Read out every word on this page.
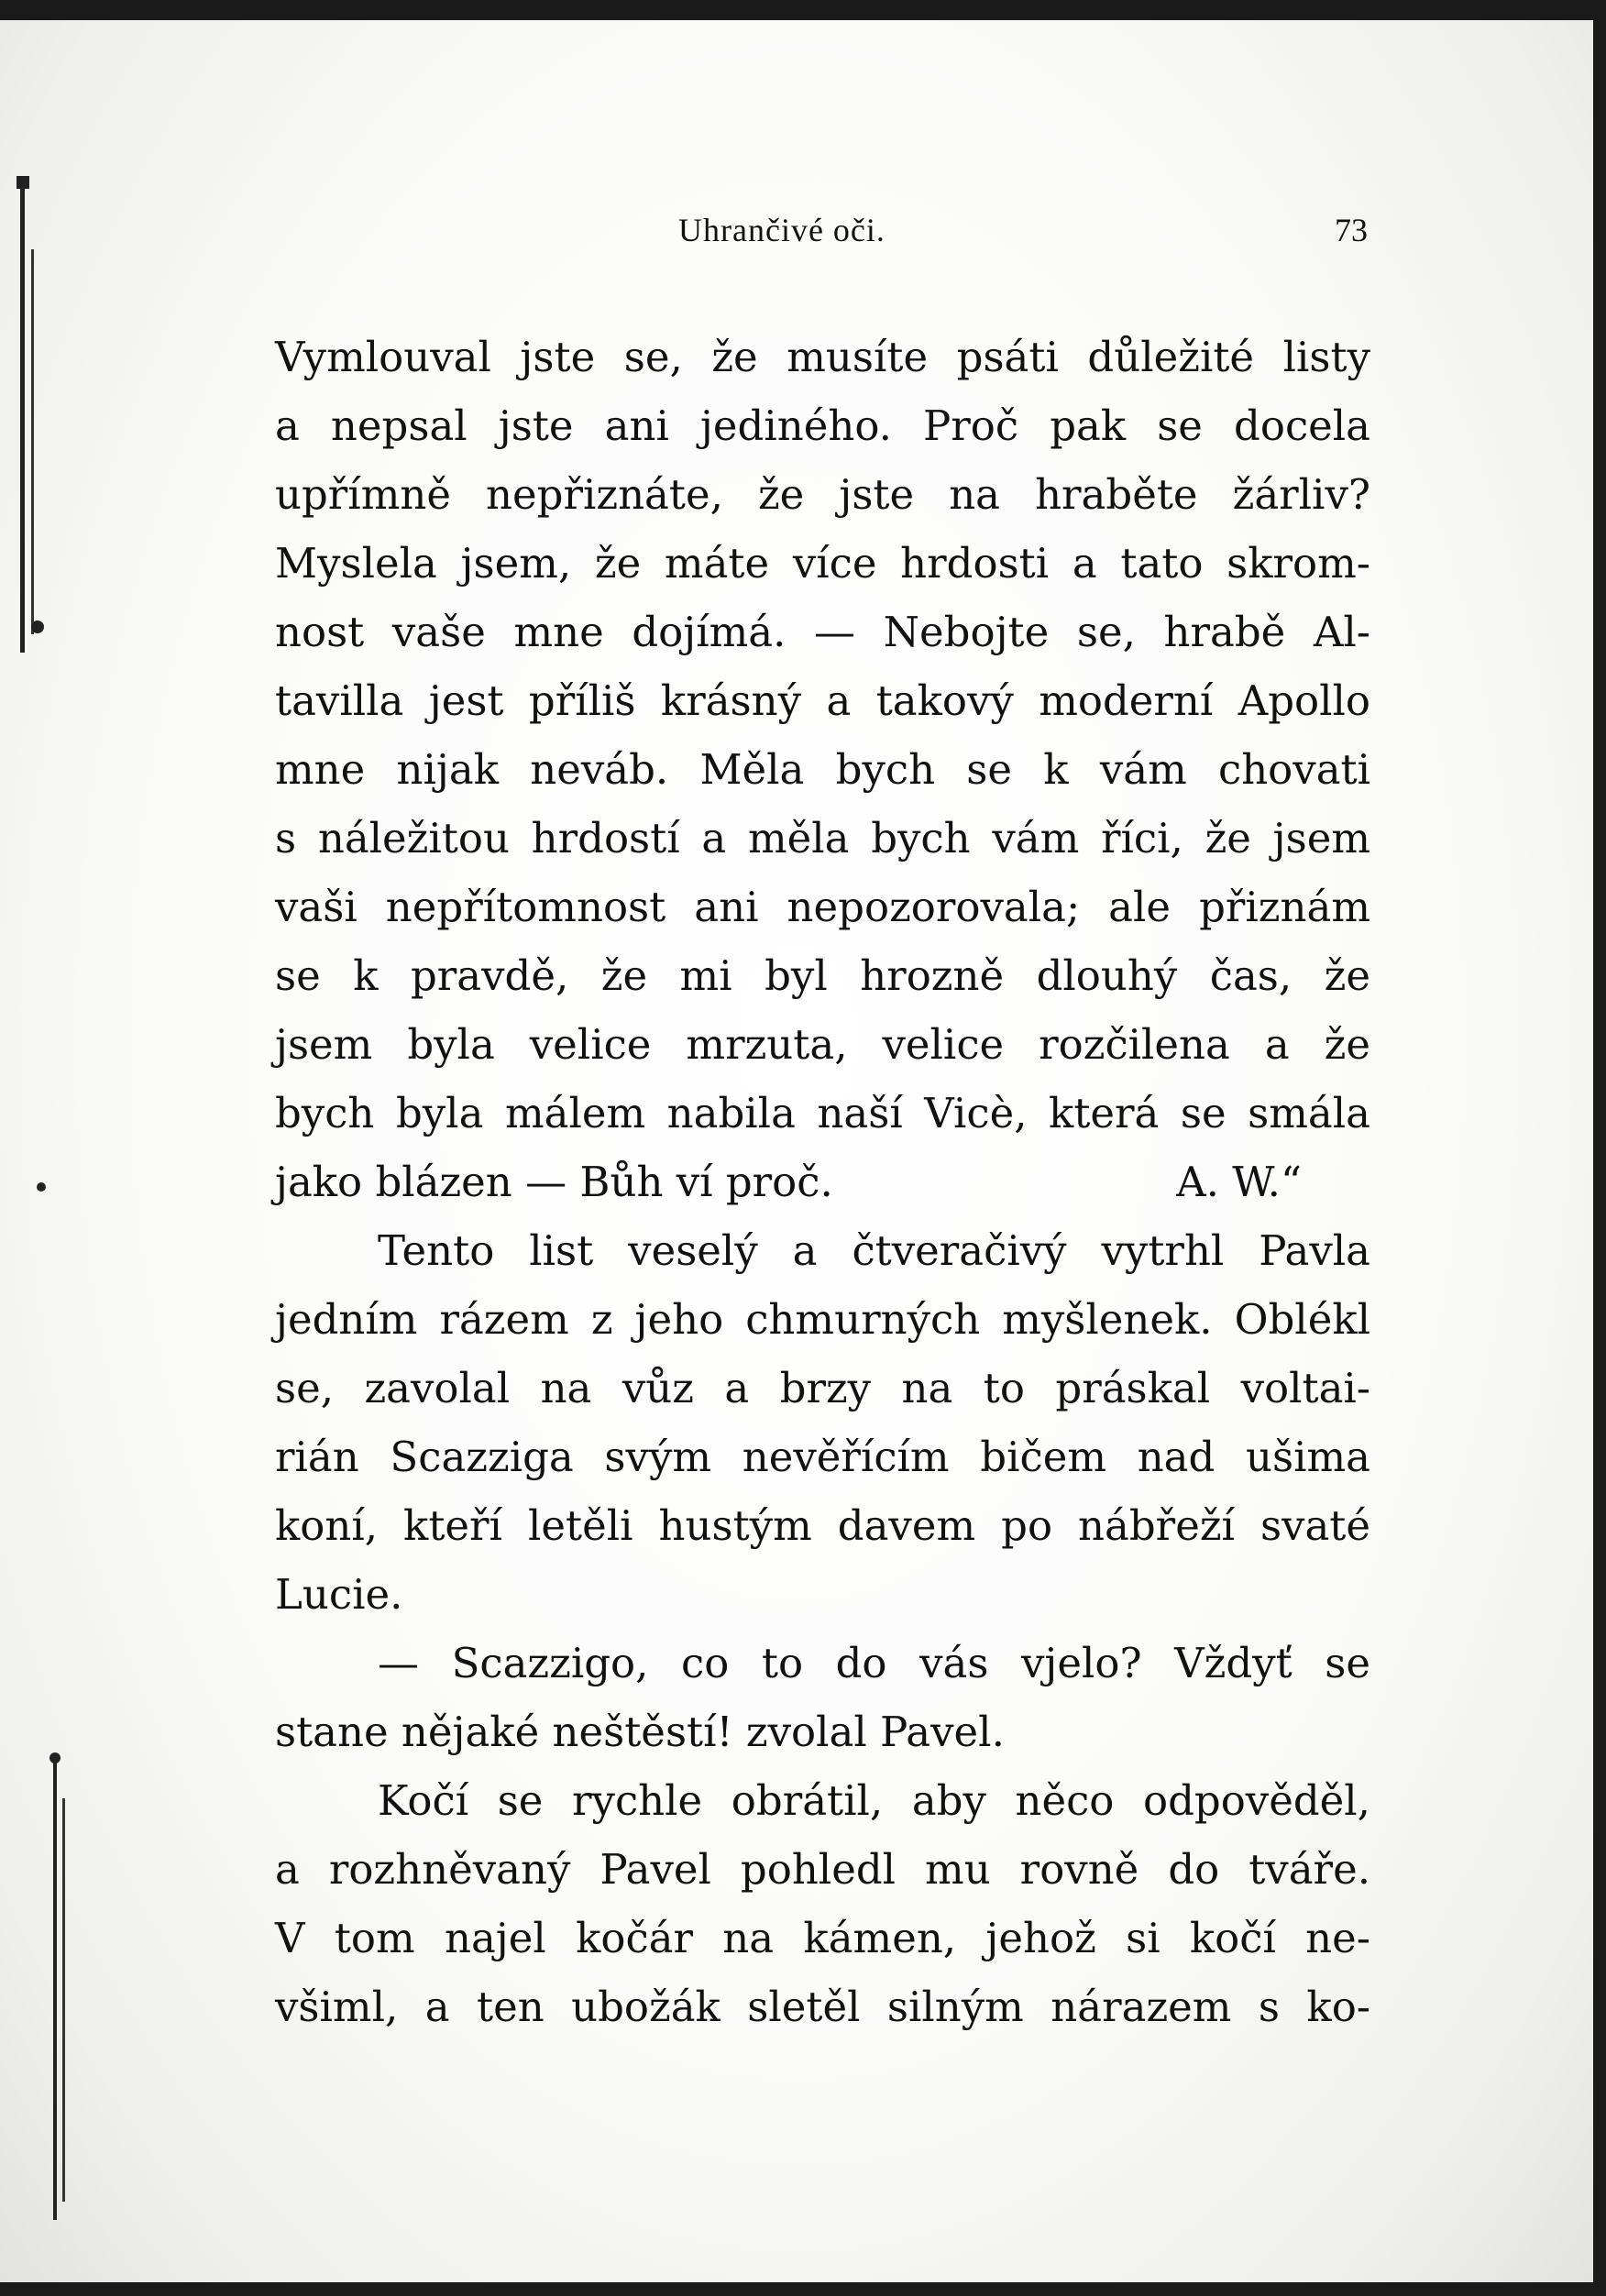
Uhrančivé oči.	73
Vymlouval jste se, že musíte psáti důležité listy
a nepsal jste ani jediného. Proč pak se docela
upřímně nepřiznáte, že jste na hraběte žárliv?
Myslela jsem, že máte více hrdosti a tato skrom-
nost vaše mne dojímá. — Nebojte se, hrabě Al-
tavilla jest příliš krásný a takový moderní Apollo
mne nijak neváb. Měla bych se k vám chovati
s náležitou hrdostí a měla bych vám říci, že jsem
vaši nepřítomnost ani nepozorovala; ale přiznám
se k pravdě, že mi byl hrozně dlouhý čas, že
jsem byla velice mrzuta, velice rozčilena a že
bych byla málem nabila naší Vicè, která se smála
jako blázen — Bůh ví proč.	A. W.“
Tento list veselý a čtveračivý vytrhl Pavla
jedním rázem z jeho chmurných myšlenek. Oblékl
se, zavolal na vůz a brzy na to práskal voltai-
rián Scazziga svým nevěřícím bičem nad ušima
koní, kteří letěli hustým davem po nábřeží svaté
Lucie.
— Scazzigo, co to do vás vjelo? Vždyť se
stane nějaké neštěstí! zvolal Pavel.
Kočí se rychle obrátil, aby něco odpověděl,
a rozhněvaný Pavel pohledl mu rovně do tváře.
V tom najel kočár na kámen, jehož si kočí ne-
všiml, a ten ubožák sletěl silným nárazem s ko-
